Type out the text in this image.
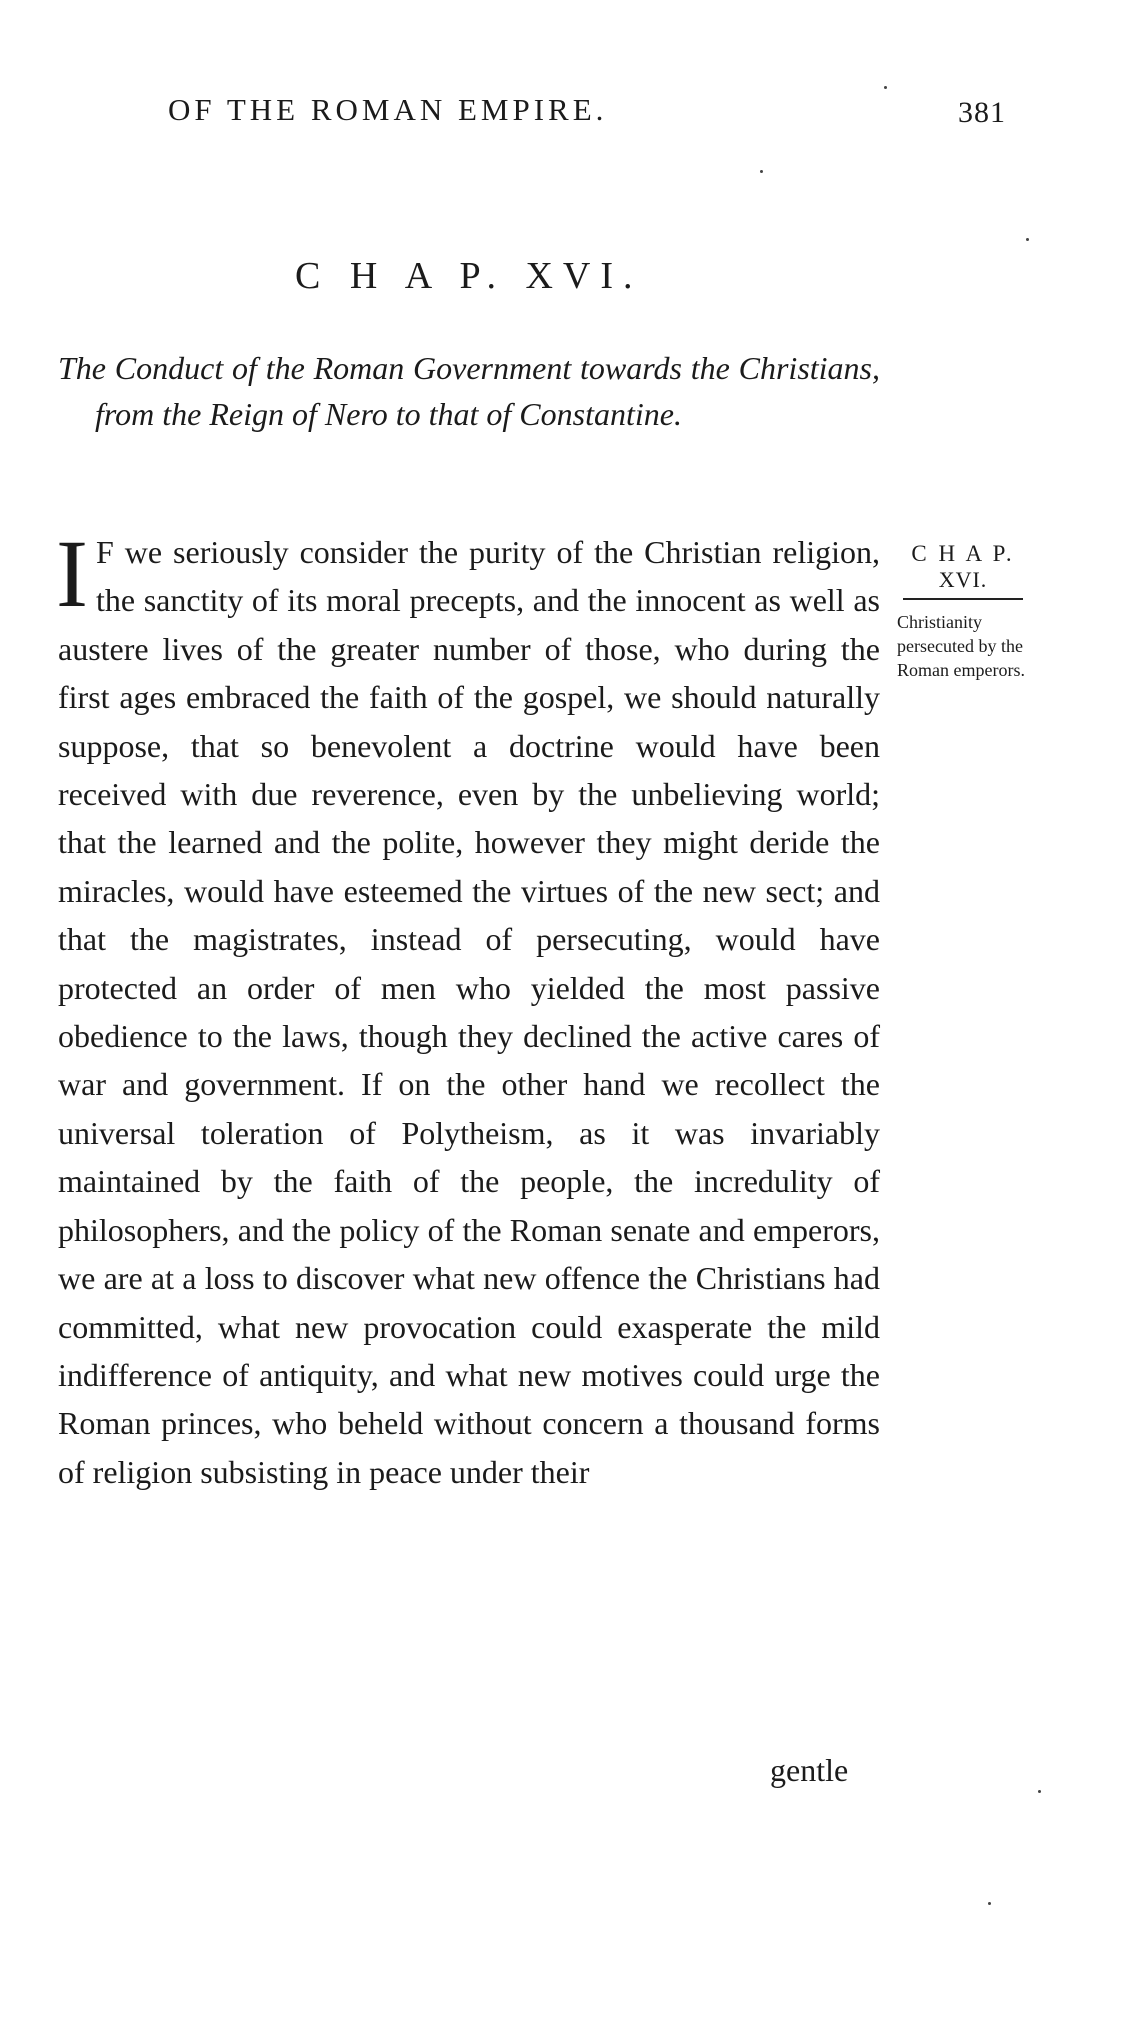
OF THE ROMAN EMPIRE.	381
C H A P. XVI.
The Conduct of the Roman Government towards the Christians, from the Reign of Nero to that of Constantine.
I F we seriously consider the purity of the Christian religion, the sanctity of its moral precepts, and the innocent as well as austere lives of the greater number of those, who during the first ages embraced the faith of the gospel, we should naturally suppose, that so benevolent a doctrine would have been received with due reverence, even by the unbelieving world; that the learned and the polite, however they might deride the miracles, would have esteemed the virtues of the new sect; and that the magistrates, instead of persecuting, would have protected an order of men who yielded the most passive obedience to the laws, though they declined the active cares of war and government. If on the other hand we recollect the universal toleration of Polytheism, as it was invariably maintained by the faith of the people, the incredulity of philosophers, and the policy of the Roman senate and emperors, we are at a loss to discover what new offence the Christians had committed, what new provocation could exasperate the mild indifference of antiquity, and what new motives could urge the Roman princes, who beheld without concern a thousand forms of religion subsisting in peace under their
gentle
C H A P.
XVI.
Christianity persecuted by the Roman emperors.
